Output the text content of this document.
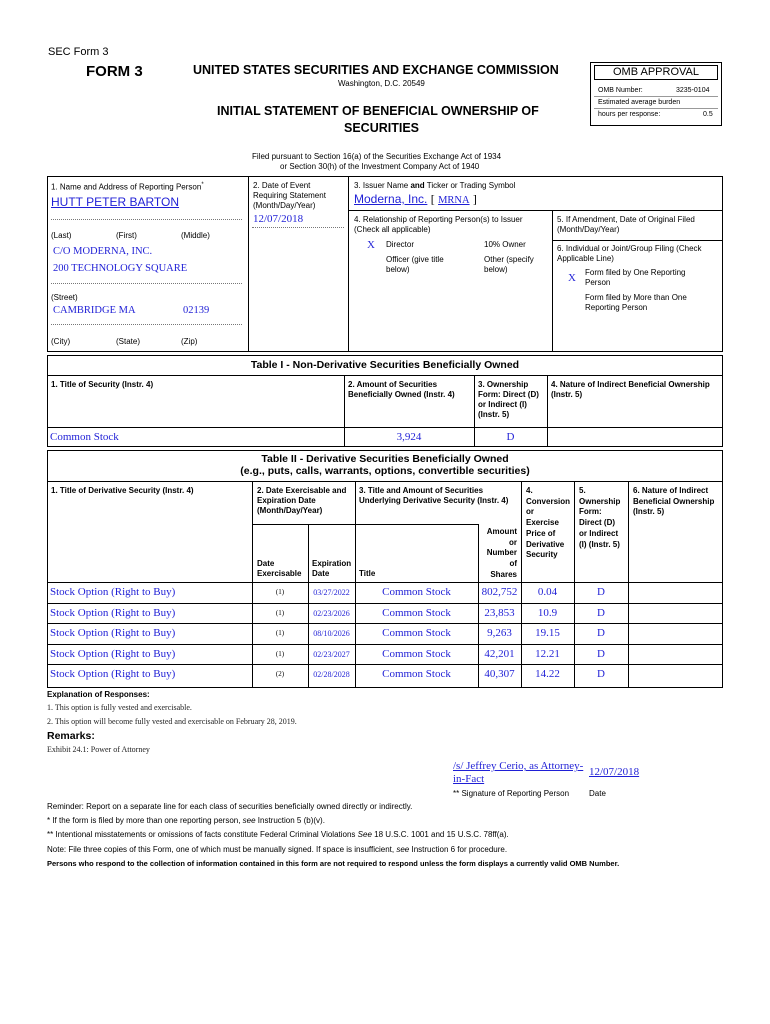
SEC Form 3
FORM 3	UNITED STATES SECURITIES AND EXCHANGE COMMISSION
Washington, D.C. 20549
INITIAL STATEMENT OF BENEFICIAL OWNERSHIP OF
SECURITIES
Filed pursuant to Section 16(a) of the Securities Exchange Act of 1934
or Section 30(h) of the Investment Company Act of 1940
OMB APPROVAL
OMB Number:	3235-0104
Estimated average burden
hours per response:	0.5
1. Name and Address of Reporting Person*
HUTT PETER BARTON
(Last)	(First)	(Middle)
C/O MODERNA, INC.
200 TECHNOLOGY SQUARE
(Street)
CAMBRIDGE MA	02139
(City)	(State)	(Zip)
2. Date of Event
Requiring Statement
(Month/Day/Year)
12/07/2018
3. Issuer Name and Ticker or Trading Symbol
Moderna, Inc. [ MRNA ]
4. Relationship of Reporting Person(s) to Issuer
(Check all applicable)
X Director	10% Owner
Officer (give title
below)
Other (specify
below)
5. If Amendment, Date of Original Filed
(Month/Day/Year)
6. Individual or Joint/Group Filing (Check
Applicable Line)
X Form filed by One Reporting
Person
Form filed by More than One
Reporting Person
Table I - Non-Derivative Securities Beneficially Owned
1. Title of Security (Instr. 4)	2. Amount of Securities
Beneficially Owned (Instr. 4)
3. Ownership
Form: Direct (D)
or Indirect (I)
(Instr. 5)
4. Nature of Indirect Beneficial Ownership
(Instr. 5)
Common Stock	3,924	D
Table II - Derivative Securities Beneficially Owned
(e.g., puts, calls, warrants, options, convertible securities)
1. Title of Derivative Security (Instr. 4)	2. Date Exercisable and
Expiration Date
(Month/Day/Year)
3. Title and Amount of Securities
Underlying Derivative Security (Instr. 4)
4.
Conversion
or
Exercise
Price of
Derivative
Security
5.
Ownership
Form:
Direct (D)
or Indirect
(I) (Instr. 5)
6. Nature of Indirect
Beneficial Ownership
(Instr. 5)
Date
Exercisable
Expiration
Date	Title
Amount
or
Number
of
Shares
Stock Option (Right to Buy)	(1)	03/27/2022	Common Stock	802,752	0.04	D
Stock Option (Right to Buy)	(1)	02/23/2026	Common Stock	23,853	10.9	D
Stock Option (Right to Buy)	(1)	08/10/2026	Common Stock	9,263	19.15	D
Stock Option (Right to Buy)	(1)	02/23/2027	Common Stock	42,201	12.21	D
Stock Option (Right to Buy)	(2)	02/28/2028	Common Stock	40,307	14.22	D
Explanation of Responses:
1. This option is fully vested and exercisable.
2. This option will become fully vested and exercisable on February 28, 2019.
Remarks:
Exhibit 24.1: Power of Attorney
/s/ Jeffrey Cerio, as Attorney-
in-Fact
12/07/2018
** Signature of Reporting Person Date
Reminder: Report on a separate line for each class of securities beneficially owned directly or indirectly.
* If the form is filed by more than one reporting person, see Instruction 5 (b)(v).
** Intentional misstatements or omissions of facts constitute Federal Criminal Violations See 18 U.S.C. 1001 and 15 U.S.C. 78ff(a).
Note: File three copies of this Form, one of which must be manually signed. If space is insufficient, see Instruction 6 for procedure.
Persons who respond to the collection of information contained in this form are not required to respond unless the form displays a currently valid OMB Number.
